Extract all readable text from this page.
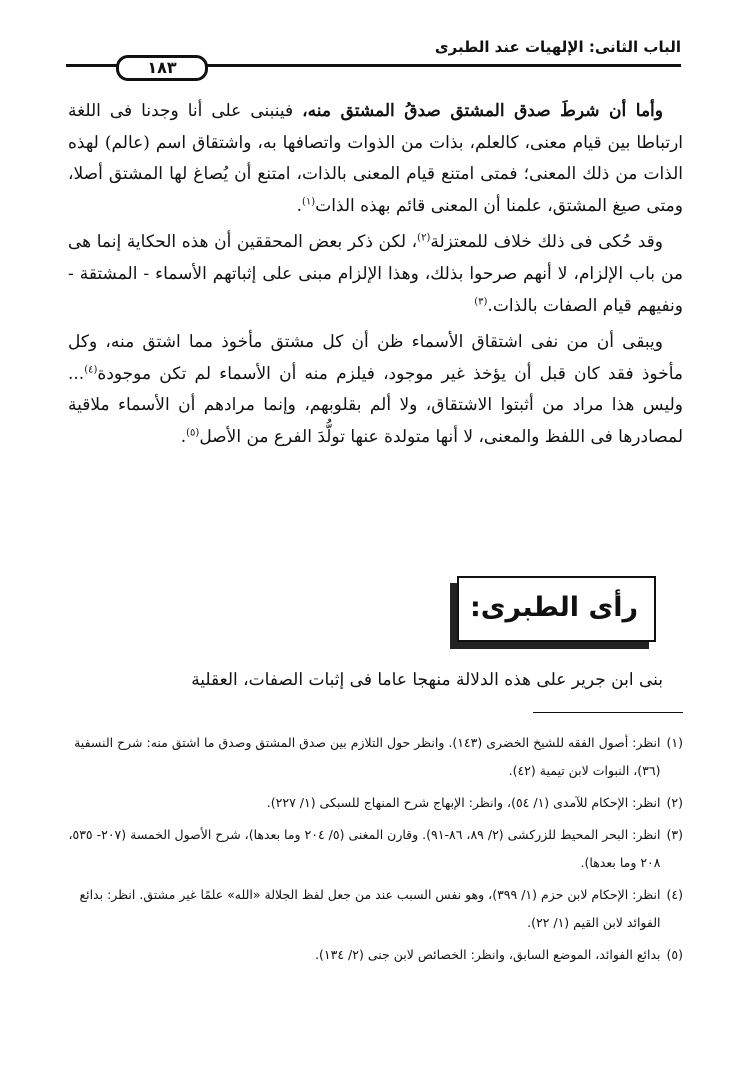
الباب الثانى: الإلهيات عند الطبرى
١٨٣

وأما أن شرطَ صدق المشتق صدقُ المشتق منه، فينبنى على أنا وجدنا فى اللغة ارتباطا بين قيام معنى، كالعلم، بذات من الذوات واتصافها به، واشتقاق اسم (عالم) لهذه الذات من ذلك المعنى؛ فمتى امتنع قيام المعنى بالذات، امتنع أن يُصاغ لها المشتق أصلا، ومتى صيغ المشتق، علمنا أن المعنى قائم بهذه الذات$^{(١)}$.

وقد حُكى فى ذلك خلاف للمعتزلة$^{(٢)}$، لكن ذكر بعض المحققين أن هذه الحكاية إنما هى من باب الإلزام، لا أنهم صرحوا بذلك، وهذا الإلزام مبنى على إثباتهم الأسماء - المشتقة - ونفيهم قيام الصفات بالذات.$^{(٣)}$

ويبقى أن من نفى اشتقاق الأسماء ظن أن كل مشتق مأخوذ مما اشتق منه، وكل مأخوذ فقد كان قبل أن يؤخذ غير موجود، فيلزم منه أن الأسماء لم تكن موجودة$^{(٤)}$... وليس هذا مراد من أثبتوا الاشتقاق، ولا ألم بقلوبهم، وإنما مرادهم أن الأسماء ملاقية لمصادرها فى اللفظ والمعنى، لا أنها متولدة عنها تولُّدَ الفرع من الأصل$^{(٥)}$.

رأى الطبرى:
بنى ابن جرير على هذه الدلالة منهجا عاما فى إثبات الصفات، العقلية
(١)
انظر: أصول الفقه للشيخ الخضرى (١٤٣). وانظر حول التلازم بين صدق المشتق وصدق ما اشتق منه: شرح النسفية (٣٦)، النبوات لابن تيمية (٤٢).
(٢)
انظر: الإحكام للآمدى (١/ ٥٤)، وانظر: الإبهاج شرح المنهاج للسبكى (١/ ٢٢٧).
(٣)
انظر: البحر المحيط للزركشى (٢/ ٨٩، ٨٦-٩١). وقارن المغنى (٥/ ٢٠٤ وما بعدها)، شرح الأصول الخمسة (٢٠٧- ٥٣٥، ٢٠٨ وما بعدها).
(٤)
انظر: الإحكام لابن حزم (١/ ٣٩٩)، وهو نفس السبب عند من جعل لفظ الجلالة «الله» علمًا غير مشتق. انظر: بدائع الفوائد لابن القيم (١/ ٢٢).
(٥)
بدائع الفوائد، الموضع السابق، وانظر: الخصائص لابن جنى (٢/ ١٣٤).
